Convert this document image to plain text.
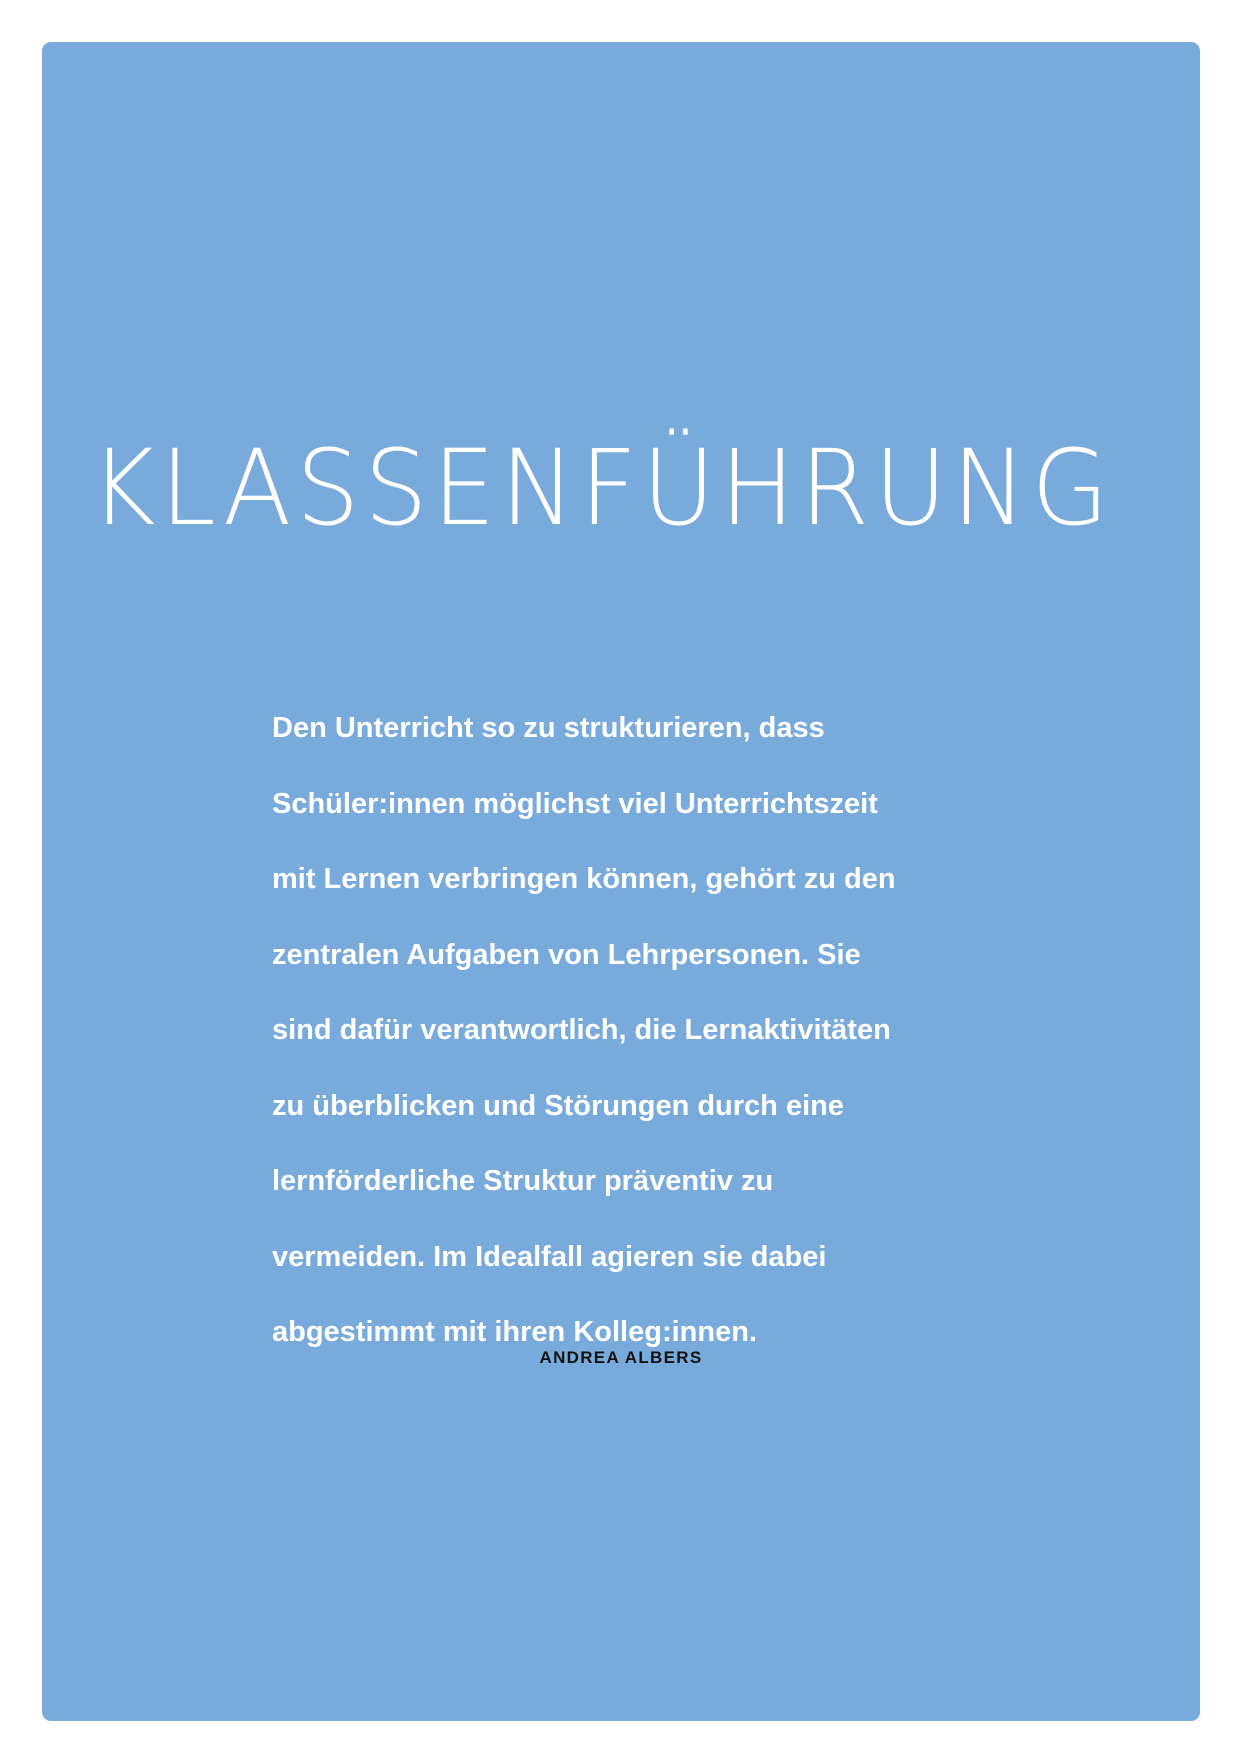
KLASSENFÜHRUNG
Den Unterricht so zu strukturieren, dass
Schüler:innen möglichst viel Unterrichtszeit
mit Lernen verbringen können, gehört zu den
zentralen Aufgaben von Lehrpersonen. Sie
sind dafür verantwortlich, die Lernaktivitäten
zu überblicken und Störungen durch eine
lernförderliche Struktur präventiv zu
vermeiden. Im Idealfall agieren sie dabei
abgestimmt mit ihren Kolleg:innen.

ANDREA ALBERS
